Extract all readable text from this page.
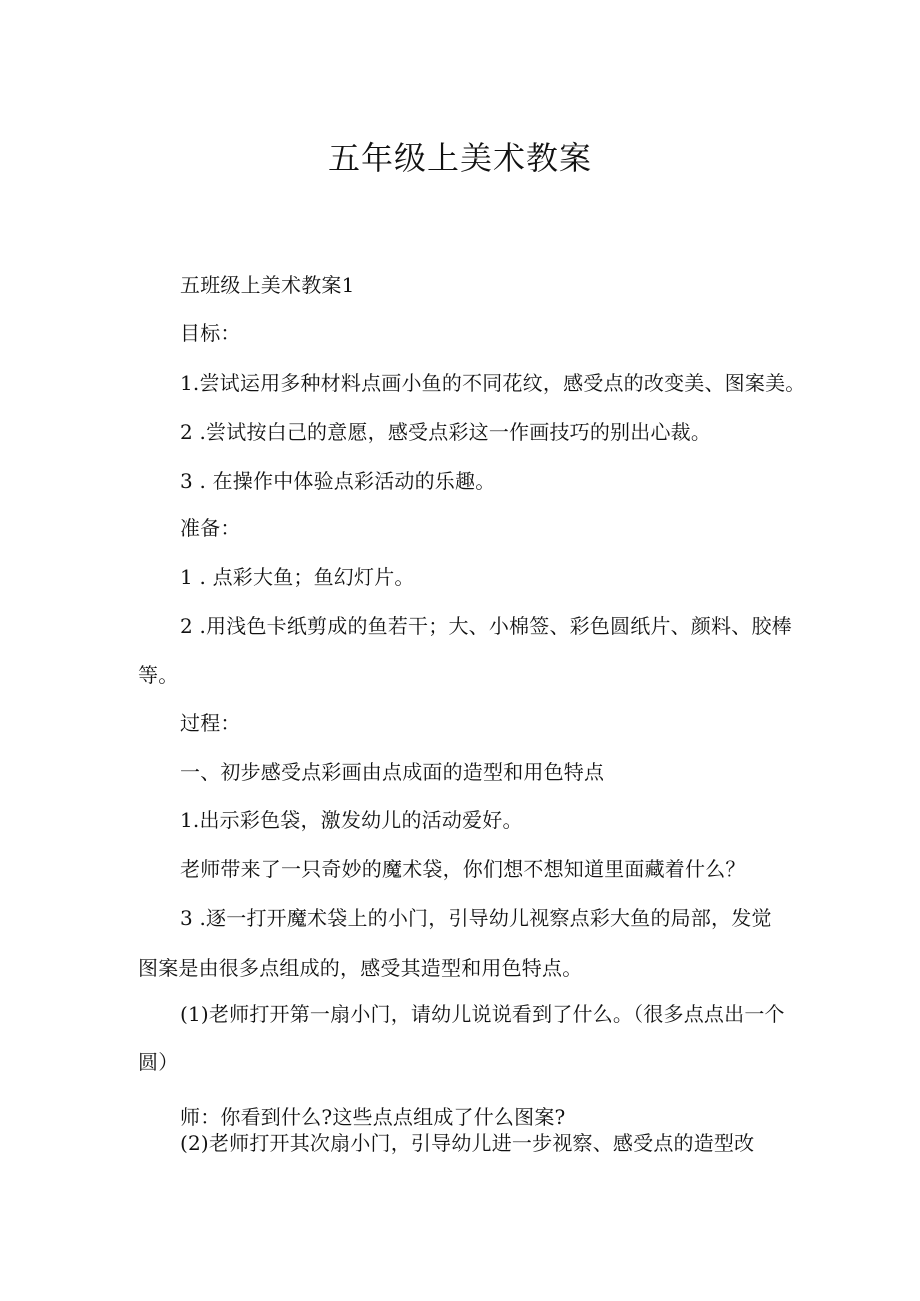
五年级上美术教案
五班级上美术教案1
目标：
1.尝试运用多种材料点画小鱼的不同花纹，感受点的改变美、图案美。
2 .尝试按白己的意愿，感受点彩这一作画技巧的别出心裁。
3 . 在操作中体验点彩活动的乐趣。
准备：
1 . 点彩大鱼；鱼幻灯片。
2 .用浅色卡纸剪成的鱼若干；大、小棉签、彩色圆纸片、颜料、胶棒
等。
过程：
一、初步感受点彩画由点成面的造型和用色特点
1.出示彩色袋，激发幼儿的活动爱好。
老师带来了一只奇妙的魔术袋，你们想不想知道里面藏着什么？
3 .逐一打开魔术袋上的小门，引导幼儿视察点彩大鱼的局部，发觉
图案是由很多点组成的，感受其造型和用色特点。
(1)老师打开第一扇小门，请幼儿说说看到了什么。（很多点点出一个
圆）
师：你看到什么?这些点点组成了什么图案?
(2)老师打开其次扇小门，引导幼儿进一步视察、感受点的造型改
